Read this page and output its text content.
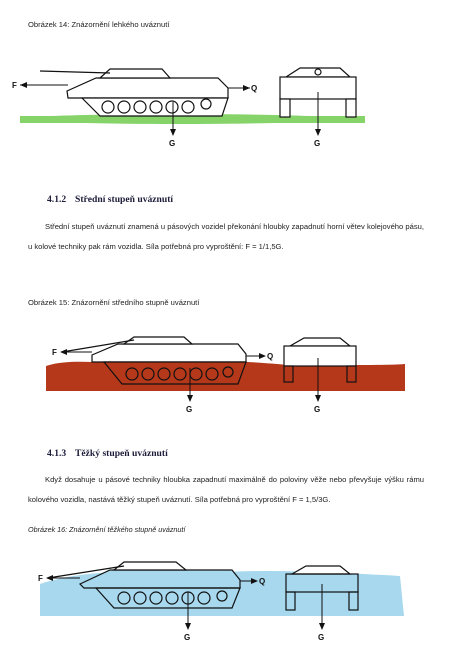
Obrázek 14: Znázornění lehkého uváznutí
F	Q
G	G
4.1.2 Střední stupeň uváznutí
Střední stupeň uváznutí znamená u pásových vozidel překonání hloubky zapadnutí horní větev kolejového pásu, u kolové techniky pak rám vozidla. Síla potřebná pro vyproštění: F = 1/1,5G.
Obrázek 15: Znázornění středního stupně uváznutí
F	Q
G	G
4.1.3 Těžký stupeň uváznutí
Když dosahuje u pásové techniky hloubka zapadnutí maximálně do poloviny věže nebo převyšuje výšku rámu kolového vozidla, nastává těžký stupeň uváznutí. Síla potřebná pro vyproštění F = 1,5/3G.
Obrázek 16: Znázornění těžkého stupně uváznutí
F	Q
G	G
